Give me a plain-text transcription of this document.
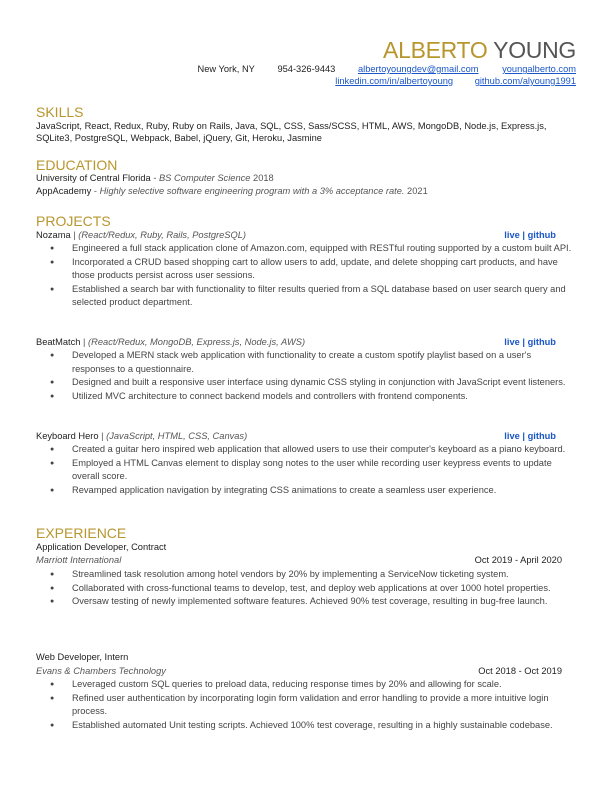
ALBERTO YOUNG
New York, NY 954-326-9443 albertoyoungdev@gmail.com	youngalberto.com
linkedin.com/in/albertoyoung github.com/alyoung1991
SKILLS
JavaScript, React, Redux, Ruby, Ruby on Rails, Java, SQL, CSS, Sass/SCSS, HTML, AWS, MongoDB, Node.js, Express.js,
SQLite3, PostgreSQL, Webpack, Babel, jQuery, Git, Heroku, Jasmine
EDUCATION
University of Central Florida - BS Computer Science 2018
AppAcademy - Highly selective software engineering program with a 3% acceptance rate. 2021
PROJECTS
Nozama | (React/Redux, Ruby, Rails, PostgreSQL)	live | github
● Engineered a full stack application clone of Amazon.com, equipped with RESTful routing supported by a custom built API.
● Incorporated a CRUD based shopping cart to allow users to add, update, and delete shopping cart products, and have those products persist across user sessions.
● Established a search bar with functionality to filter results queried from a SQL database based on user search query and selected product department.
BeatMatch | (React/Redux, MongoDB, Express.js, Node.js, AWS)	live | github
● Developed a MERN stack web application with functionality to create a custom spotify playlist based on a user's responses to a questionnaire.
● Designed and built a responsive user interface using dynamic CSS styling in conjunction with JavaScript event listeners.
● Utilized MVC architecture to connect backend models and controllers with frontend components.
Keyboard Hero | (JavaScript, HTML, CSS, Canvas)	live | github
● Created a guitar hero inspired web application that allowed users to use their computer's keyboard as a piano keyboard.
● Employed a HTML Canvas element to display song notes to the user while recording user keypress events to update overall score.
● Revamped application navigation by integrating CSS animations to create a seamless user experience.
EXPERIENCE
Application Developer, Contract
Marriott International	Oct 2019 - April 2020
● Streamlined task resolution among hotel vendors by 20% by implementing a ServiceNow ticketing system.
● Collaborated with cross-functional teams to develop, test, and deploy web applications at over 1000 hotel properties.
● Oversaw testing of newly implemented software features. Achieved 90% test coverage, resulting in bug-free launch.
Web Developer, Intern
Evans & Chambers Technology	Oct 2018 - Oct 2019
● Leveraged custom SQL queries to preload data, reducing response times by 20% and allowing for scale.
● Refined user authentication by incorporating login form validation and error handling to provide a more intuitive login process.
● Established automated Unit testing scripts. Achieved 100% test coverage, resulting in a highly sustainable codebase.
